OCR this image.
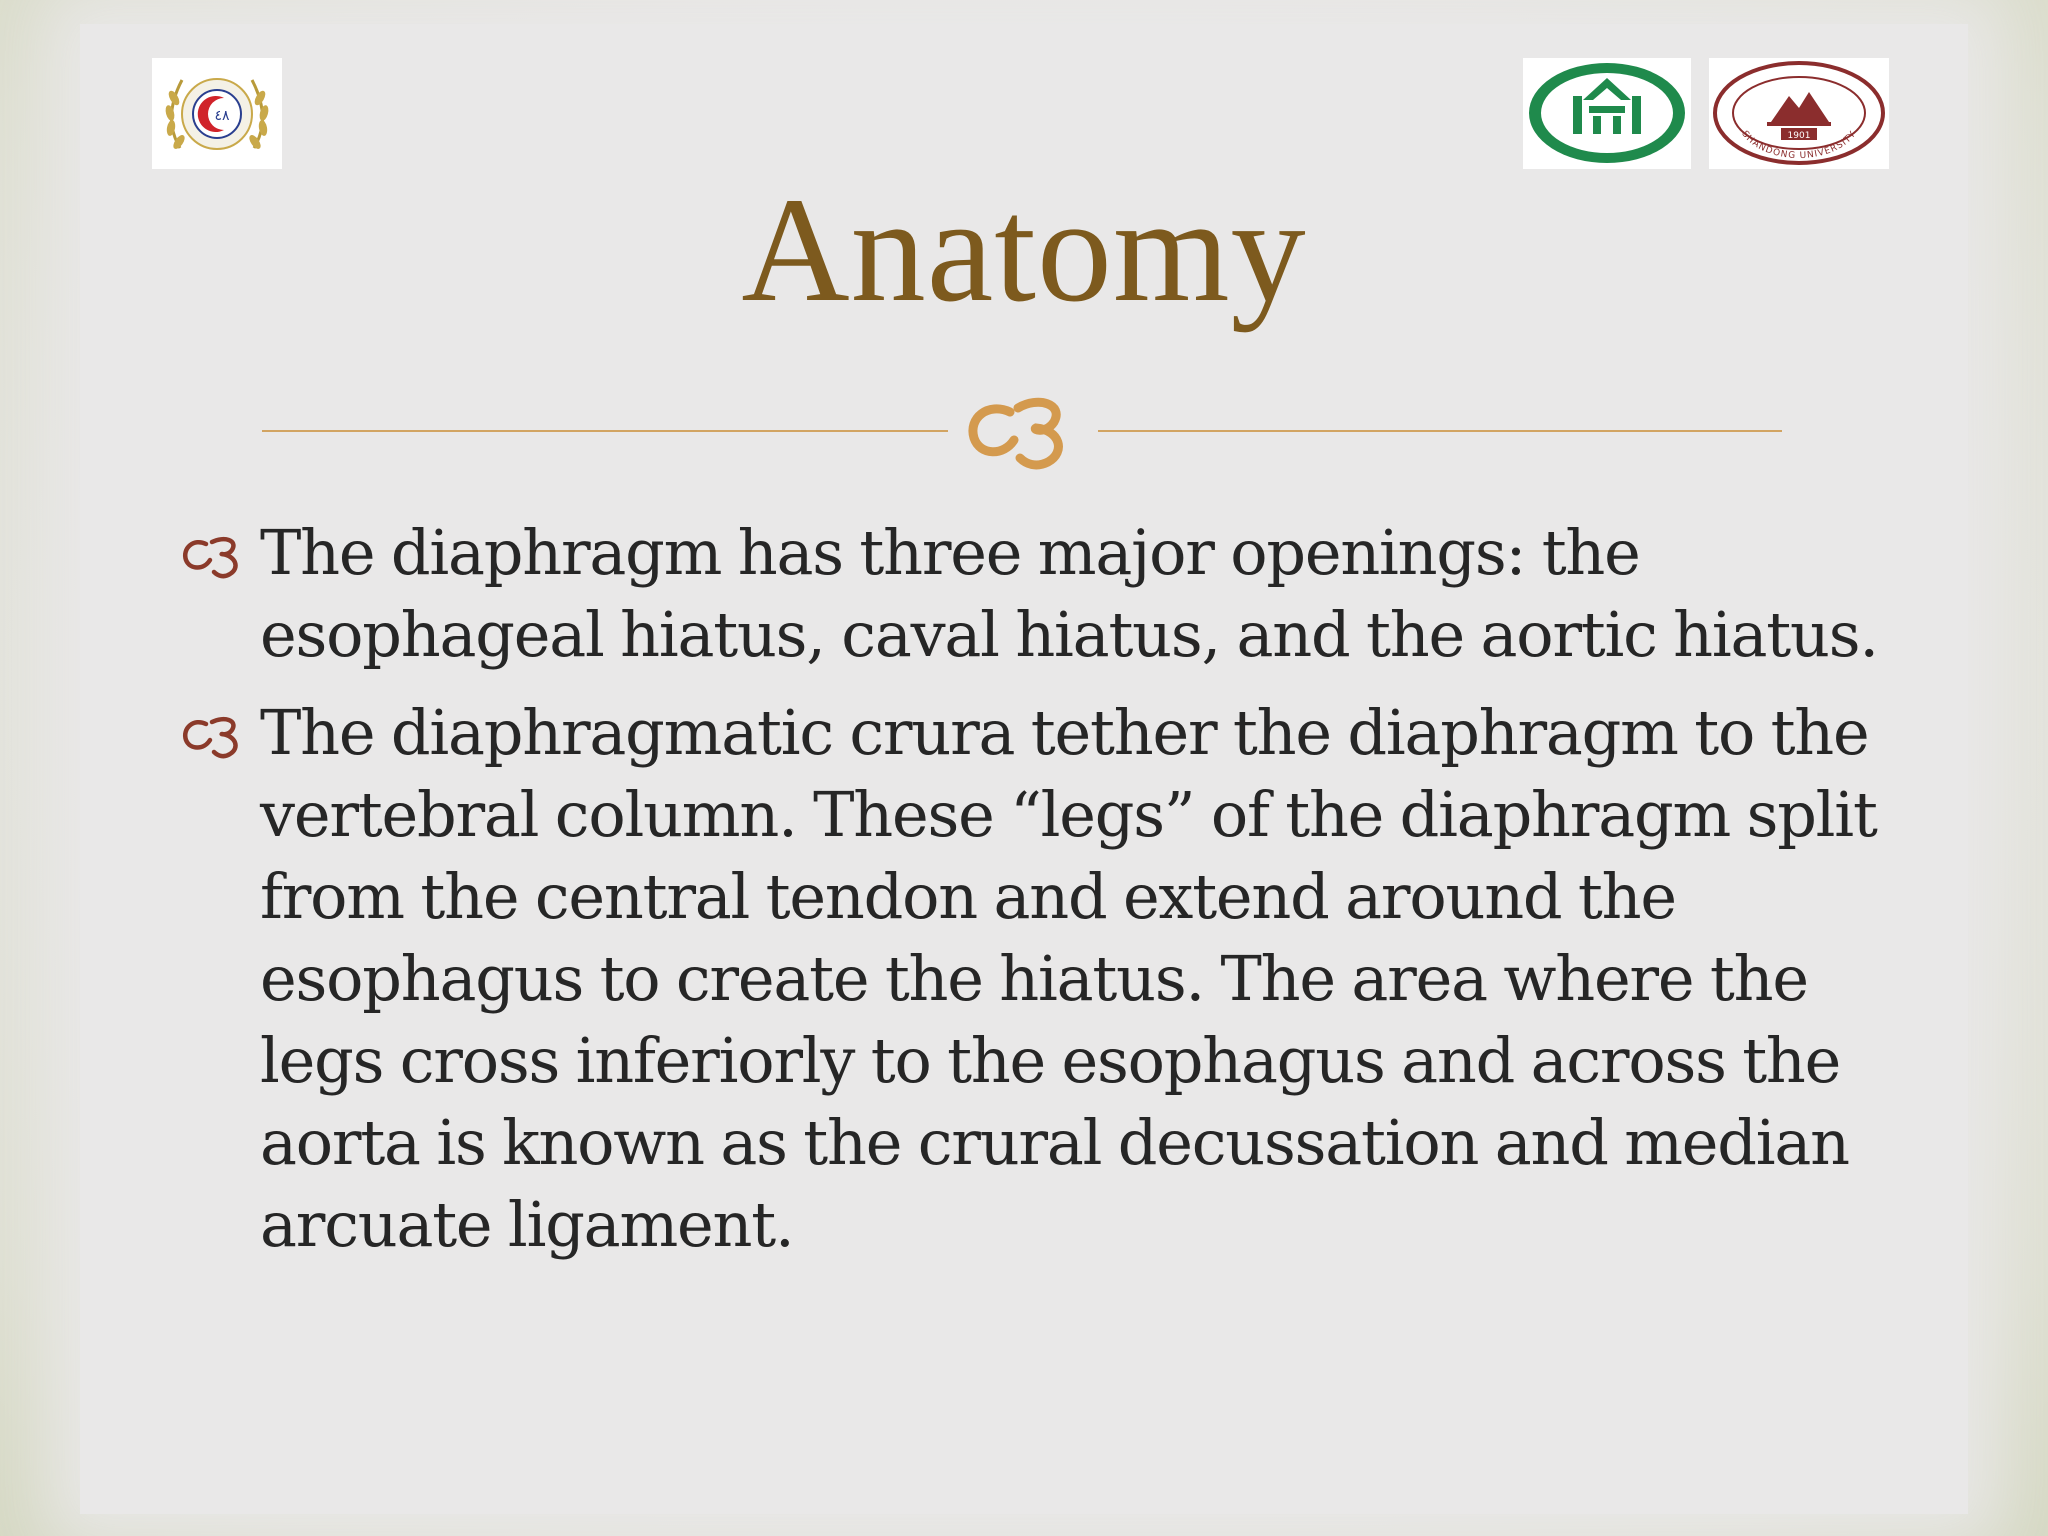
٤٨
1901
SHANDONG UNIVERSITY
Anatomy
The diaphragm has three major openings: the esophageal hiatus, caval hiatus, and the aortic hiatus.
The diaphragmatic crura tether the diaphragm to the vertebral column. These “legs” of the diaphragm split from the central tendon and extend around the esophagus to create the hiatus. The area where the legs cross inferiorly to the esophagus and across the aorta is known as the crural decussation and median arcuate ligament.
